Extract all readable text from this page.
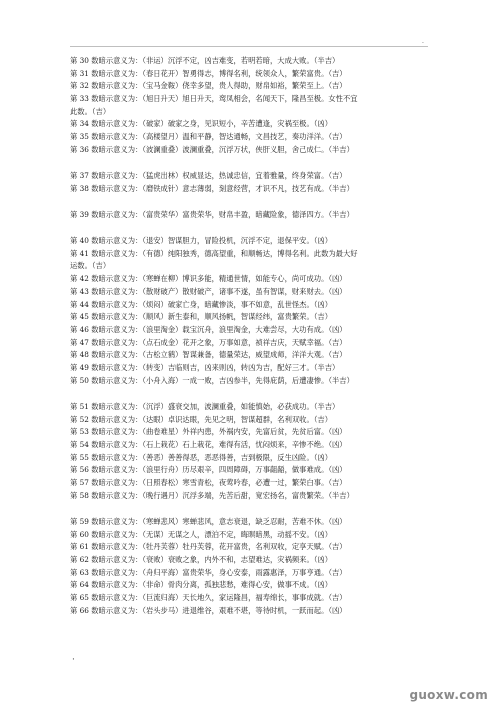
.
第 30 数暗示意义为：（非运）沉浮不定，凶吉难变，若明若暗，大成大败。（半吉）
第 31 数暗示意义为：（春日花开）智勇得志，博得名利，统领众人，繁荣富贵。（吉）
第 32 数暗示意义为：（宝马金鞍）侥幸多望，贵人得助，财帛如裕，繁荣至上。（吉）
第 33 数暗示意义为：（旭日升天）旭日升天，鸾凤相会，名闻天下，隆昌至极。女性不宜
此数。（吉）
第 34 数暗示意义为：（破家）破家之身，见识短小，辛苦遭逢，灾祸至极。（凶）
第 35 数暗示意义为：（高楼望月）温和平静，智达通畅，文昌技艺，奏功洋洋。（吉）
第 36 数暗示意义为：（波澜重叠）波澜重叠，沉浮万状，侠肝义胆，舍己成仁。（半吉）
第 37 数暗示意义为：（猛虎出林）权威显达，热诚忠信，宜着雅量，终身荣富。（吉）
第 38 数暗示意义为：（磨铁成针）意志薄弱，刻意经营，才识不凡，技艺有成。（半吉）
第 39 数暗示意义为：（富贵荣华）富贵荣华，财帛丰盈，暗藏险象，德泽四方。（半吉）
第 40 数暗示意义为：（退安）智谋胆力，冒险投机，沉浮不定，退保平安。（凶）
第 41 数暗示意义为：（有德）纯阳独秀，德高望重，和顺畅达，博得名利。此数为最大好
运数。（吉）
第 42 数暗示意义为：（寒蝉在柳）博识多能，精通世情，如能专心，尚可成功。（凶）
第 43 数暗示意义为：（散财破产）散财破产，诸事不遂，虽有智谋，财来财去。（凶）
第 44 数暗示意义为：（烦闷）破家亡身，暗藏惨淡，事不如意，乱世怪杰。（凶）
第 45 数暗示意义为：（顺风）新生泰和，顺风扬帆，智谋经纬，富贵繁荣。（吉）
第 46 数暗示意义为：（浪里淘金）载宝沉舟，浪里淘金，大难尝尽，大功有成。（凶）
第 47 数暗示意义为：（点石成金）花开之象，万事如意，祯祥吉庆，天赋幸福。（吉）
第 48 数暗示意义为：（古松立鹤）智谋兼备，德量荣达，威望成师，洋洋大观。（吉）
第 49 数暗示意义为：（转变）吉临则吉，凶来则凶，转凶为吉，配好三才。（半吉）
第 50 数暗示意义为：（小舟入海）一成一败，吉凶参半，先得庇荫，后遭凄惨。（半吉）
第 51 数暗示意义为：（沉浮）盛衰交加，波澜重叠，如能慎始，必获成功。（半吉）
第 52 数暗示意义为：（达眼）卓识达眼，先见之明，智谋超群，名利双收。（吉）
第 53 数暗示意义为：（曲卷难星）外祥内患，外祸内安，先富后贫，先贫后富。（凶）
第 54 数暗示意义为：（石上栽花）石上栽花，难得有活，忧闷烦来，辛惨不绝。（凶）
第 55 数暗示意义为：（善恶）善善得恶，恶恶得善，吉到极限，反生凶险。（凶）
第 56 数暗示意义为：（浪里行舟）历尽艰辛，四周障碍，万事龃龉，做事难成。（凶）
第 57 数暗示意义为：（日照春松）寒雪青松，夜莺吟春，必遭一过，繁荣白事。（吉）
第 58 数暗示意义为：（晚行遇月）沉浮多端，先苦后甜，宽宏扬名，富贵繁荣。（半吉）
第 59 数暗示意义为：（寒蝉悲风）寒蝉悲风，意志衰退，缺乏忍耐，苦难不休。（凶）
第 60 数暗示意义为：（无谋）无谋之人，漂泊不定，晦暝暗黑，动摇不安。（凶）
第 61 数暗示意义为：（牡丹芙蓉）牡丹芙蓉，花开富贵，名利双收，定享天赋。（吉）
第 62 数暗示意义为：（衰败）衰败之象，内外不和，志望难达，灾祸频来。（凶）
第 63 数暗示意义为：（舟归平海）富贵荣华，身心安泰，雨露惠泽，万事亨通。（吉）
第 64 数暗示意义为：（非命）骨肉分离，孤独悲愁，难得心安，做事不成。（凶）
第 65 数暗示意义为：（巨流归海）天长地久，家运隆昌，福寿绵长，事事成就。（吉）
第 66 数暗示意义为：（岩头步马）进退维谷，艰难不堪，等待时机，一跃而起。（凶）
·
guoxw.com
